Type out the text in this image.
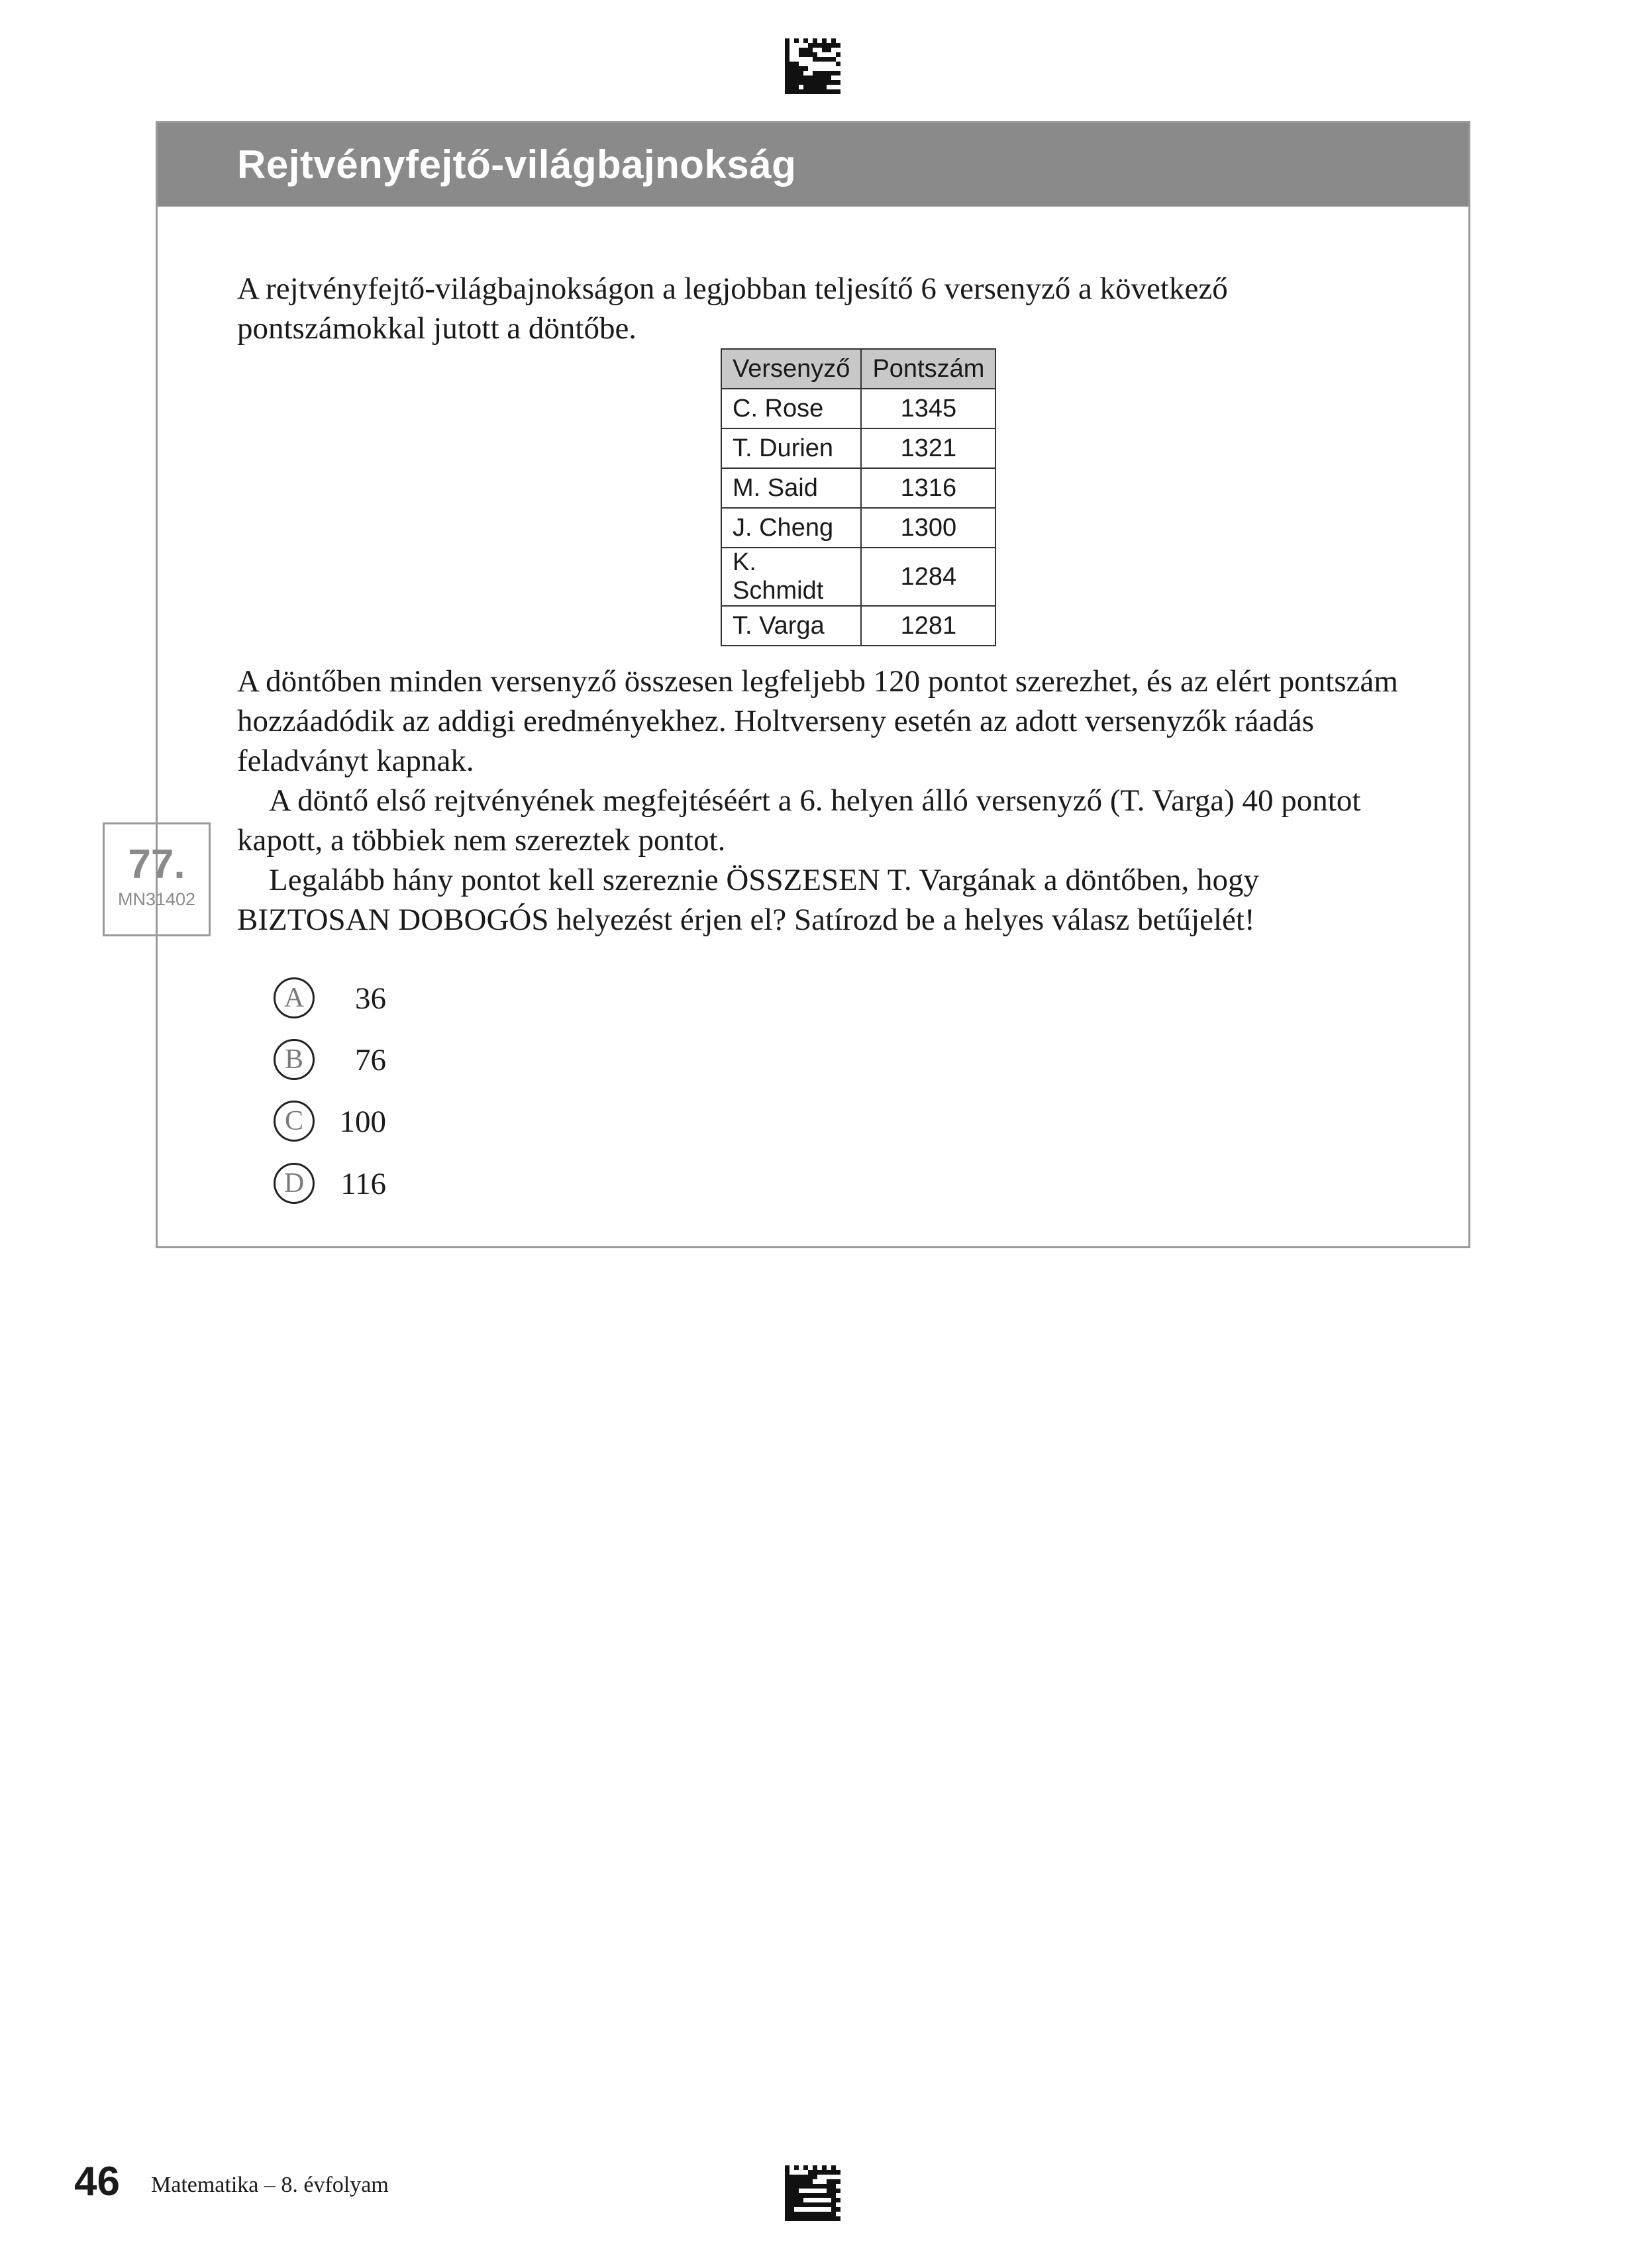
Rejtvényfejtő-világbajnokság

A rejtvényfejtő-világbajnokságon a legjobban teljesítő 6 versenyző a következő
pontszámokkal jutott a döntőbe.

Versenyző	Pontszám
C. Rose	1345
T. Durien	1321
M. Said	1316
J. Cheng	1300
K. Schmidt	1284
T. Varga	1281

A döntőben minden versenyző összesen legfeljebb 120 pontot szerezhet, és az elért pontszám
hozzáadódik az addigi eredményekhez. Holtverseny esetén az adott versenyzők ráadás
feladványt kapnak.
A döntő első rejtvényének megfejtéséért a 6. helyen álló versenyző (T. Varga) 40 pontot
kapott, a többiek nem szereztek pontot.
Legalább hány pontot kell szereznie ÖSSZESEN T. Vargának a döntőben, hogy
BIZTOSAN DOBOGÓS helyezést érjen el? Satírozd be a helyes válasz betűjelét!

A	36
B	76
C	100
D	116
77.
MN31402
46 Matematika – 8. évfolyam
